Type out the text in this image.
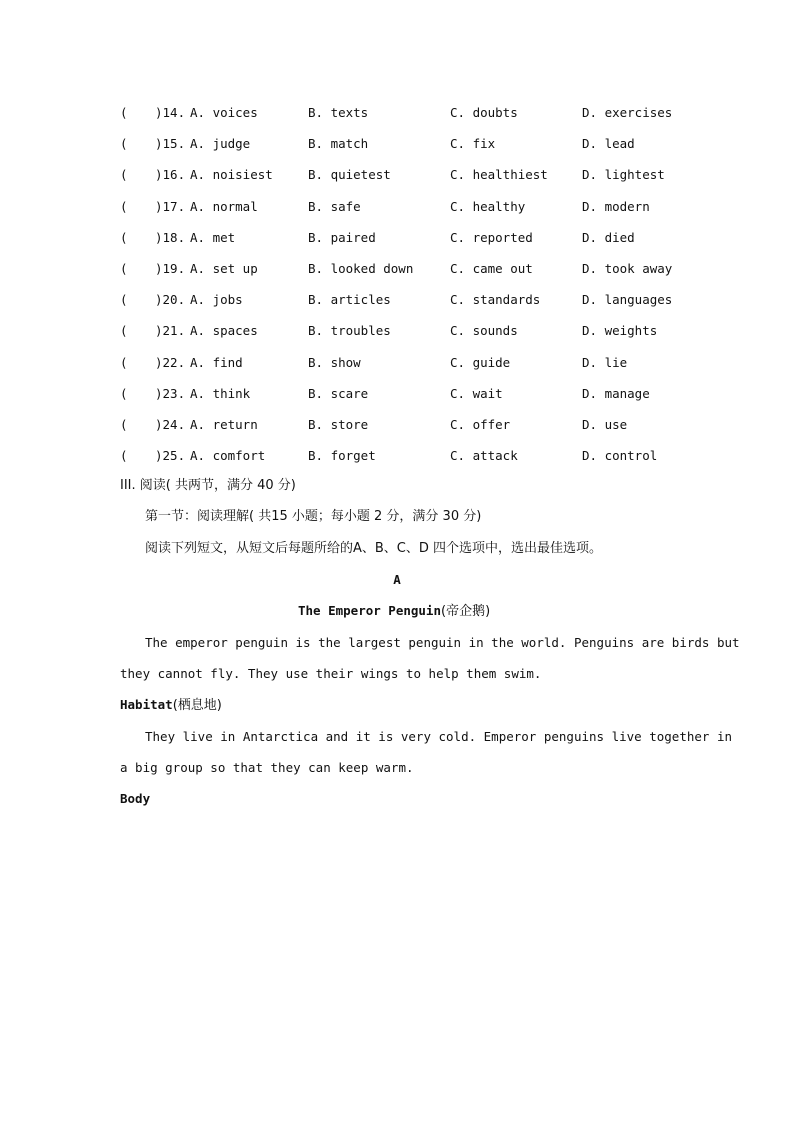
( )14. A. voices	B. texts	C. doubts	D. exercises
( )15. A. judge	B. match	C. fix	D. lead
( )16. A. noisiest	B. quietest	C. healthiest	D. lightest
( )17. A. normal	B. safe	C. healthy	D. modern
( )18. A. met	B. paired	C. reported	D. died
( )19. A. set up	B. looked down	C. came out	D. took away
( )20. A. jobs	B. articles	C. standards	D. languages
( )21. A. spaces	B. troubles	C. sounds	D. weights
( )22. A. find	B. show	C. guide	D. lie
( )23. A. think	B. scare	C. wait	D. manage
( )24. A. return	B. store	C. offer	D. use
( )25. A. comfort	B. forget	C. attack	D. control
III. 阅读( 共两节，满分 40 分)
第一节：阅读理解( 共15 小题；每小题 2 分，满分 30 分)
阅读下列短文，从短文后每题所给的A、B、C、D 四个选项中，选出最佳选项。
A
The Emperor Penguin(帝企鹅)
The emperor penguin is the largest penguin in the world. Penguins are birds but
they cannot fly. They use their wings to help them swim.
Habitat(栖息地)
They live in Antarctica and it is very cold. Emperor penguins live together in
a big group so that they can keep warm.
Body
